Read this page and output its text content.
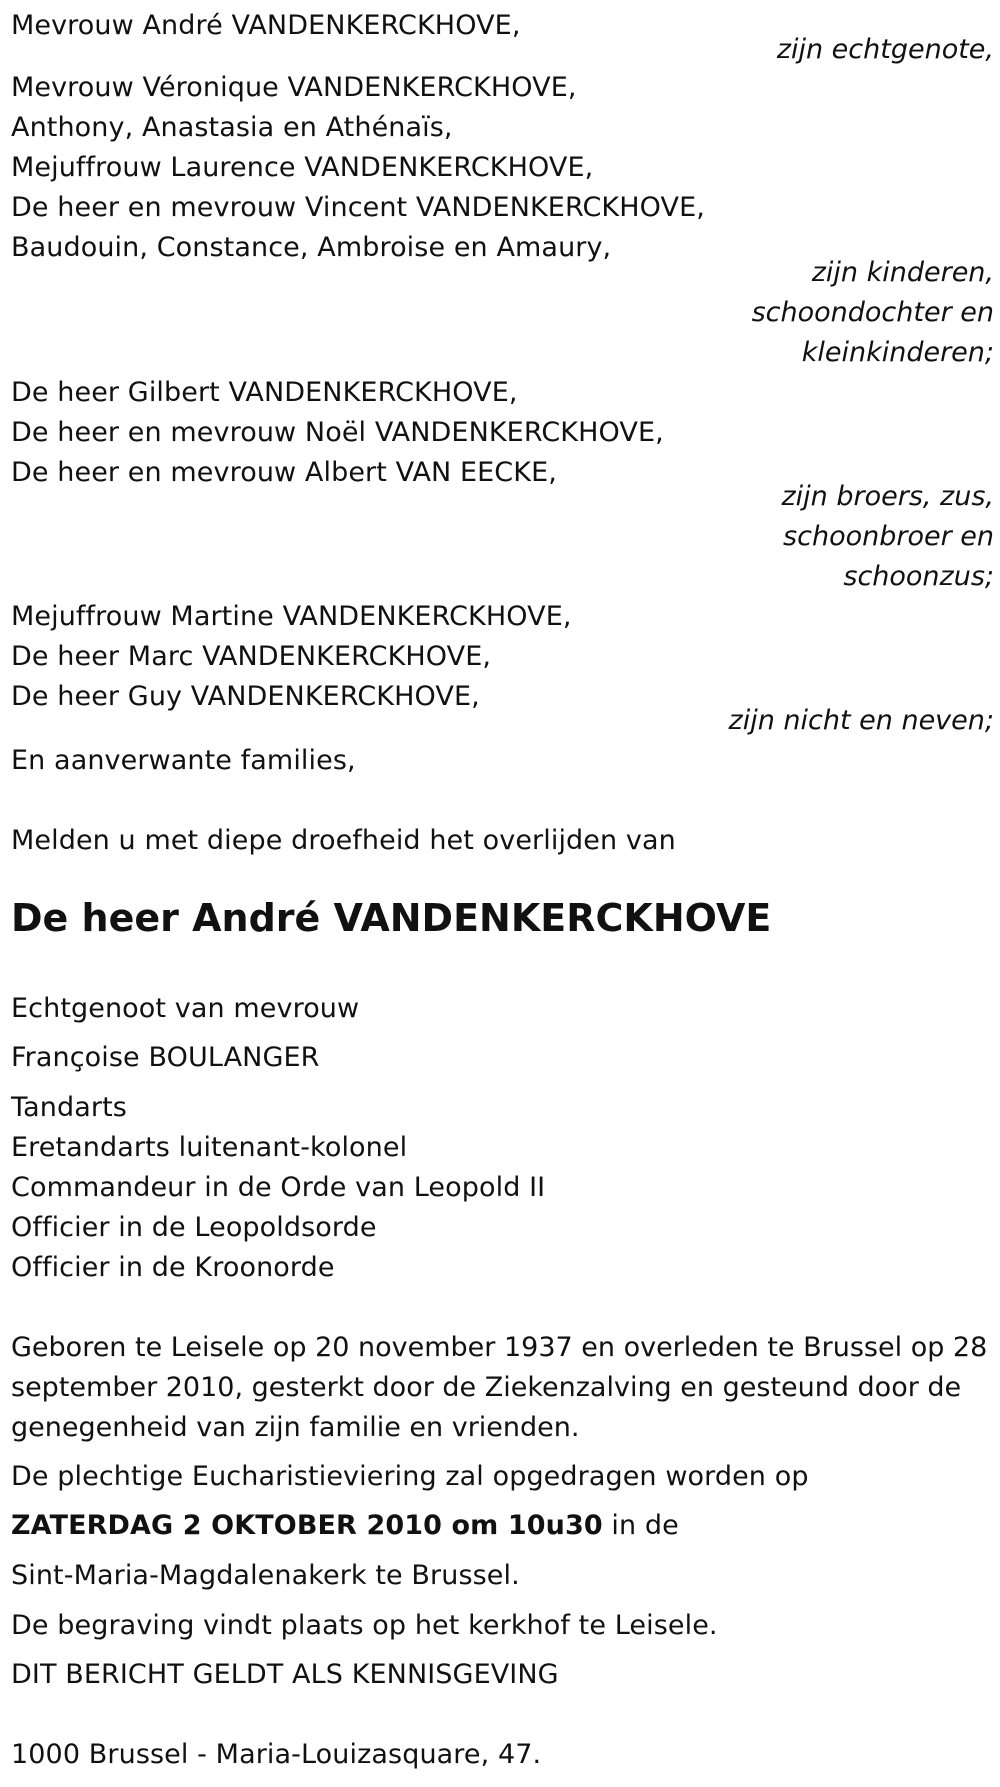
Mevrouw André VANDENKERCKHOVE,
zijn echtgenote,
Mevrouw Véronique VANDENKERCKHOVE,
Anthony, Anastasia en Athénaïs,
Mejuffrouw Laurence VANDENKERCKHOVE,
De heer en mevrouw Vincent VANDENKERCKHOVE,
Baudouin, Constance, Ambroise en Amaury,
zijn kinderen,
schoondochter en
kleinkinderen;
De heer Gilbert VANDENKERCKHOVE,
De heer en mevrouw Noël VANDENKERCKHOVE,
De heer en mevrouw Albert VAN EECKE,
zijn broers, zus,
schoonbroer en
schoonzus;
Mejuffrouw Martine VANDENKERCKHOVE,
De heer Marc VANDENKERCKHOVE,
De heer Guy VANDENKERCKHOVE,
zijn nicht en neven;
En aanverwante families,
Melden u met diepe droefheid het overlijden van
De heer André VANDENKERCKHOVE
Echtgenoot van mevrouw
Françoise BOULANGER
Tandarts
Eretandarts luitenant-kolonel
Commandeur in de Orde van Leopold II
Officier in de Leopoldsorde
Officier in de Kroonorde
Geboren te Leisele op 20 november 1937 en overleden te Brussel op 28 september 2010, gesterkt door de Ziekenzalving en gesteund door de genegenheid van zijn familie en vrienden.
De plechtige Eucharistieviering zal opgedragen worden op
ZATERDAG 2 OKTOBER 2010 om 10u30 in de
Sint-Maria-Magdalenakerk te Brussel.
De begraving vindt plaats op het kerkhof te Leisele.
DIT BERICHT GELDT ALS KENNISGEVING
1000 Brussel - Maria-Louizasquare, 47.
